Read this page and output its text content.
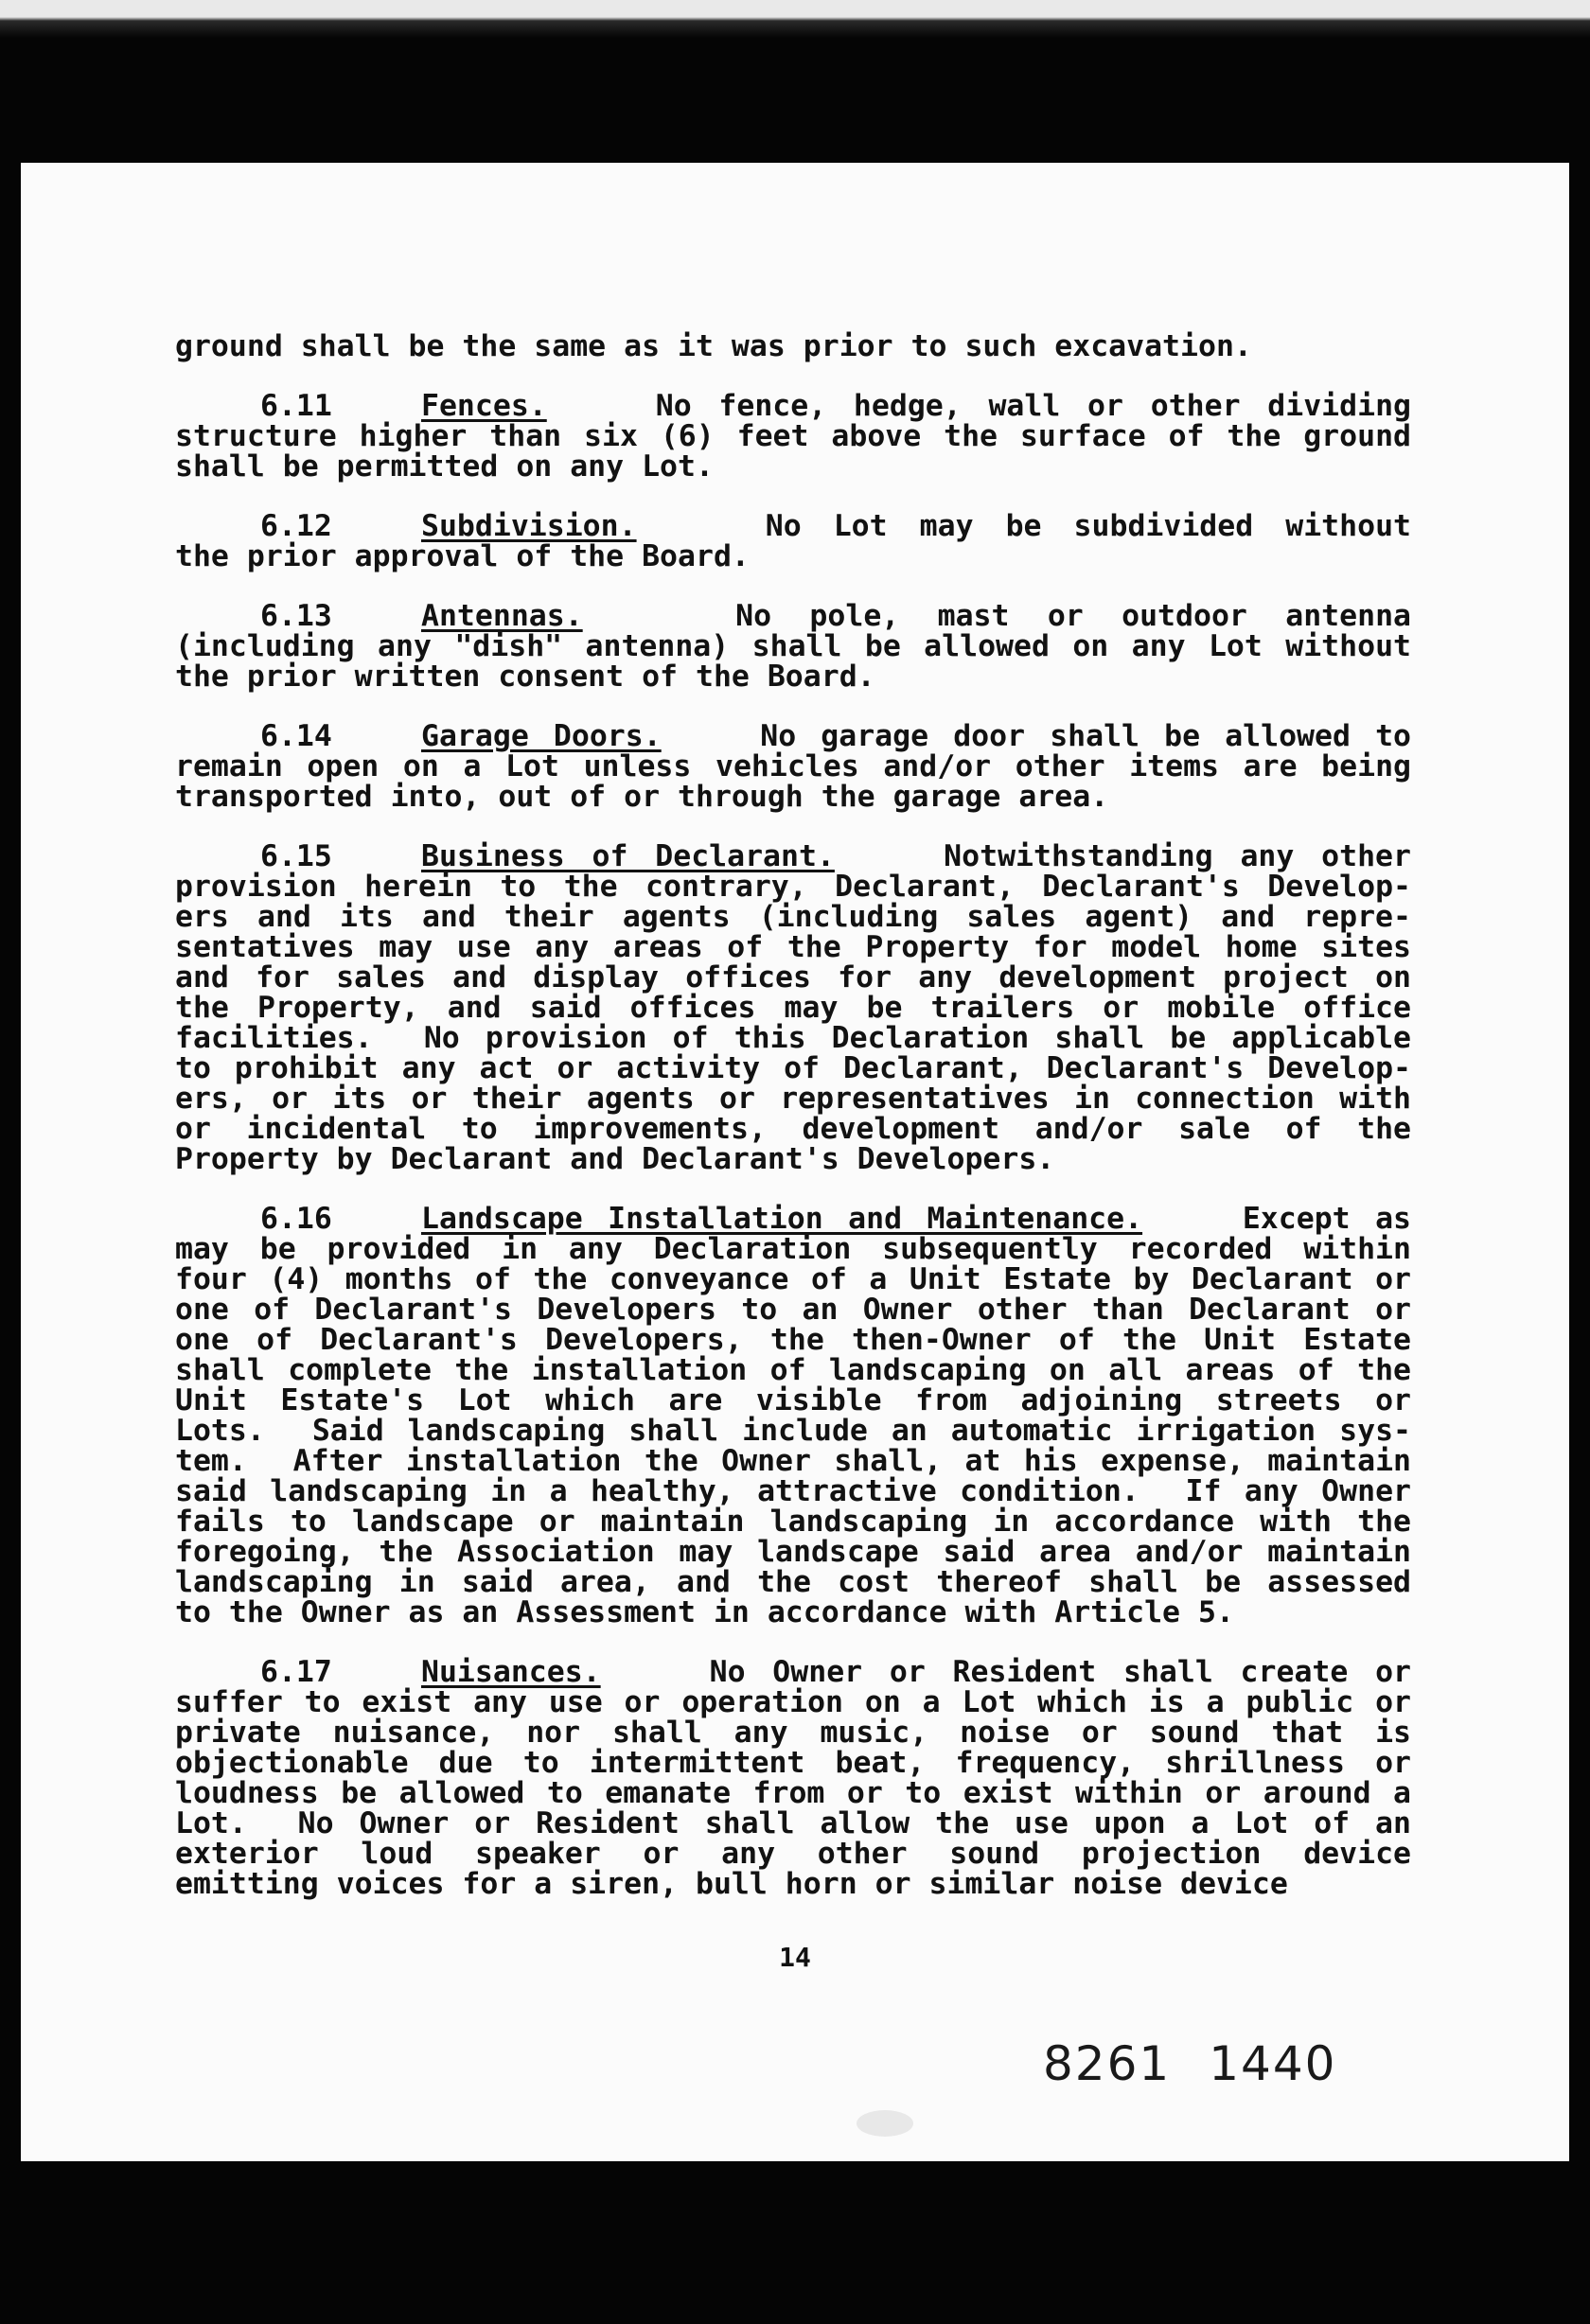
ground shall be the same as it was prior to such excavation.
6.11	Fences.	No fence, hedge, wall or other dividing
structure higher than six (6) feet above the surface of the ground
shall be permitted on any Lot.
6.12	Subdivision.	No Lot may be subdivided without
the prior approval of the Board.
6.13	Antennas.	No pole, mast or outdoor antenna
(including any "dish" antenna) shall be allowed on any Lot without
the prior written consent of the Board.
6.14	Garage Doors.	No garage door shall be allowed to
remain open on a Lot unless vehicles and/or other items are being
transported into, out of or through the garage area.
6.15	Business of Declarant.	Notwithstanding any other
provision herein to the contrary, Declarant, Declarant's Develop-
ers and its and their agents (including sales agent) and repre-
sentatives may use any areas of the Property for model home sites
and for sales and display offices for any development project on
the Property, and said offices may be trailers or mobile office
facilities.  No provision of this Declaration shall be applicable
to prohibit any act or activity of Declarant, Declarant's Develop-
ers, or its or their agents or representatives in connection with
or incidental to improvements, development and/or sale of the
Property by Declarant and Declarant's Developers.
6.16	Landscape Installation and Maintenance.	Except as
may be provided in any Declaration subsequently recorded within
four (4) months of the conveyance of a Unit Estate by Declarant or
one of Declarant's Developers to an Owner other than Declarant or
one of Declarant's Developers, the then-Owner of the Unit Estate
shall complete the installation of landscaping on all areas of the
Unit Estate's Lot which are visible from adjoining streets or
Lots.  Said landscaping shall include an automatic irrigation sys-
tem.  After installation the Owner shall, at his expense, maintain
said landscaping in a healthy, attractive condition.  If any Owner
fails to landscape or maintain landscaping in accordance with the
foregoing, the Association may landscape said area and/or maintain
landscaping in said area, and the cost thereof shall be assessed
to the Owner as an Assessment in accordance with Article 5.
6.17	Nuisances.	No Owner or Resident shall create or
suffer to exist any use or operation on a Lot which is a public or
private nuisance, nor shall any music, noise or sound that is
objectionable due to intermittent beat, frequency, shrillness or
loudness be allowed to emanate from or to exist within or around a
Lot.  No Owner or Resident shall allow the use upon a Lot of an
exterior loud speaker or any other sound projection device
emitting voices for a siren, bull horn or similar noise device
14
8261 1440
